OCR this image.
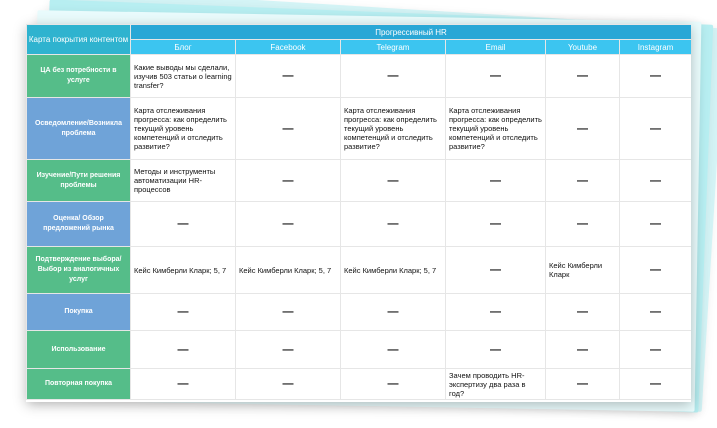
Карта покрытия контентом	Прогрессивный HR					
	Блог	Facebook	Telegram	Email	Youtube	Instagram
ЦА без потребности в услуге	Какие выводы мы сделали, изучив 503 статьи о learning transfer?	—	—	—	—	—
Осведомление/Возникла проблема	Карта отслеживания прогресса: как определить текущий уровень компетенций и отследить развитие?	—	Карта отслеживания прогресса: как определить текущий уровень компетенций и отследить развитие?	Карта отслеживания прогресса: как определить текущий уровень компетенций и отследить развитие?	—	—
Изучение/Пути решения проблемы	Методы и инструменты автоматизации HR-процессов	—	—	—	—	—
Оценка/ Обзор предложений рынка	—	—	—	—	—	—
Подтверждение выбора/ Выбор из аналогичных услуг	Кейс Кимберли Кларк; 5, 7	Кейс Кимберли Кларк; 5, 7	Кейс Кимберли Кларк; 5, 7	—	Кейс Кимберли Кларк	—
Покупка	—	—	—	—	—	—
Использование	—	—	—	—	—	—
Повторная покупка	—	—	—	Зачем проводить HR-экспертизу два раза в год?	—	—
